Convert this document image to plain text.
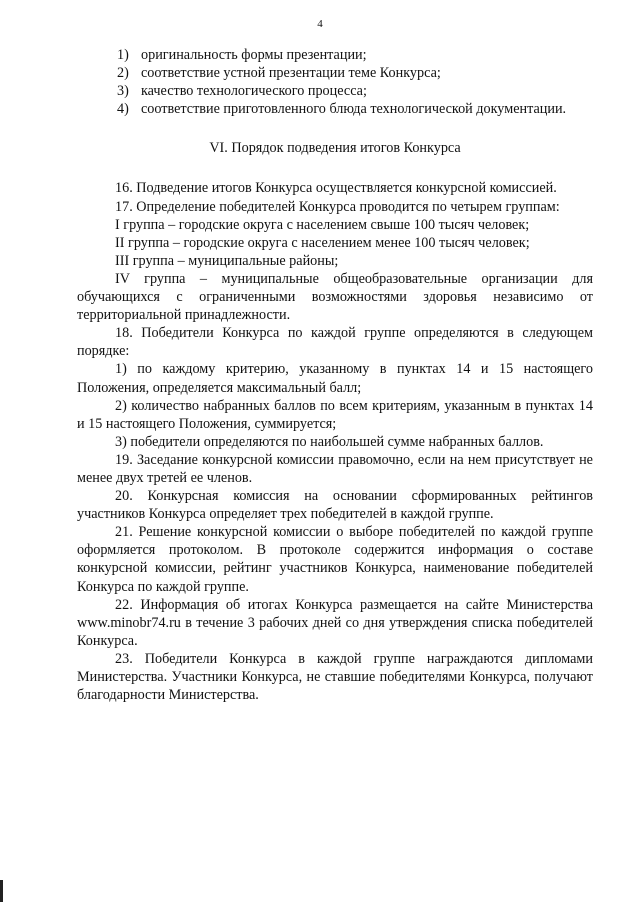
4
1) оригинальность формы презентации;
2) соответствие устной презентации теме Конкурса;
3) качество технологического процесса;
4) соответствие приготовленного блюда технологической документации.
VI. Порядок подведения итогов Конкурса

16. Подведение итогов Конкурса осуществляется конкурсной комиссией.

17. Определение победителей Конкурса проводится по четырем группам:

I группа – городские округа с населением свыше 100 тысяч человек;

II группа – городские округа с населением менее 100 тысяч человек;

III группа – муниципальные районы;

IV группа – муниципальные общеобразовательные организации для обучающихся с ограниченными возможностями здоровья независимо от территориальной принадлежности.

18. Победители Конкурса по каждой группе определяются в следующем порядке:

1) по каждому критерию, указанному в пунктах 14 и 15 настоящего Положения, определяется максимальный балл;

2) количество набранных баллов по всем критериям, указанным в пунктах 14 и 15 настоящего Положения, суммируется;

3) победители определяются по наибольшей сумме набранных баллов.

19. Заседание конкурсной комиссии правомочно, если на нем присутствует не менее двух третей ее членов.

20. Конкурсная комиссия на основании сформированных рейтингов участников Конкурса определяет трех победителей в каждой группе.

21. Решение конкурсной комиссии о выборе победителей по каждой группе оформляется протоколом. В протоколе содержится информация о составе конкурсной комиссии, рейтинг участников Конкурса, наименование победителей Конкурса по каждой группе.

22. Информация об итогах Конкурса размещается на сайте Министерства www.minobr74.ru в течение 3 рабочих дней со дня утверждения списка победителей Конкурса.

23. Победители Конкурса в каждой группе награждаются дипломами Министерства. Участники Конкурса, не ставшие победителями Конкурса, получают благодарности Министерства.
